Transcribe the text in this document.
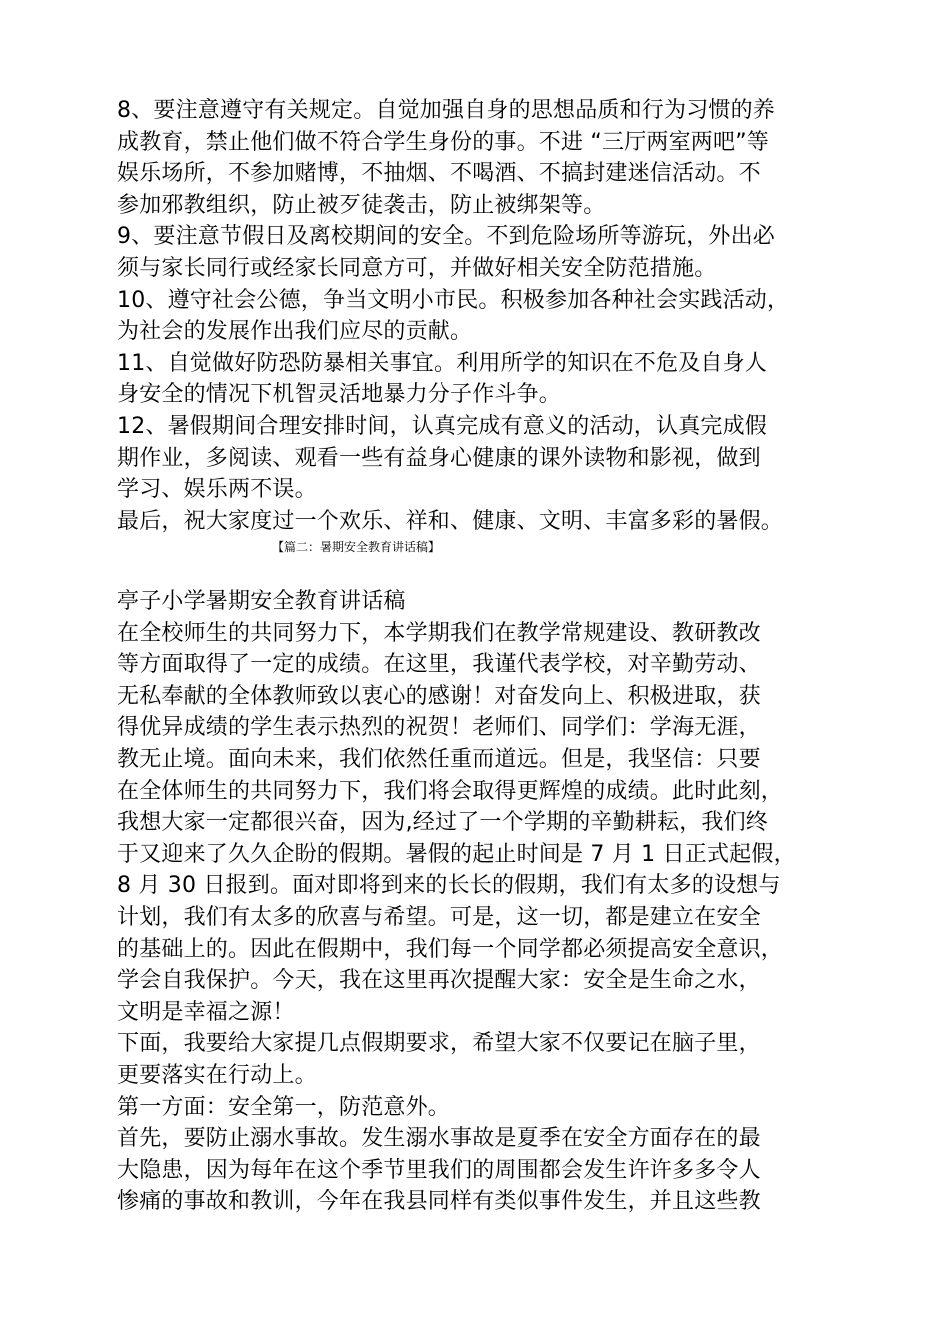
8、要注意遵守有关规定。自觉加强自身的思想品质和行为习惯的养
成教育，禁止他们做不符合学生身份的事。不进 “三厅两室两吧”等
娱乐场所，不参加赌博，不抽烟、不喝酒、不搞封建迷信活动。不
参加邪教组织，防止被歹徒袭击，防止被绑架等。
9、要注意节假日及离校期间的安全。不到危险场所等游玩，外出必
须与家长同行或经家长同意方可，并做好相关安全防范措施。
10、遵守社会公德，争当文明小市民。积极参加各种社会实践活动，
为社会的发展作出我们应尽的贡献。
11、自觉做好防恐防暴相关事宜。利用所学的知识在不危及自身人
身安全的情况下机智灵活地暴力分子作斗争。
12、暑假期间合理安排时间，认真完成有意义的活动，认真完成假
期作业，多阅读、观看一些有益身心健康的课外读物和影视，做到
学习、娱乐两不误。
最后，祝大家度过一个欢乐、祥和、健康、文明、丰富多彩的暑假。
【篇二：暑期安全教育讲话稿】
亭子小学暑期安全教育讲话稿
在全校师生的共同努力下，本学期我们在教学常规建设、教研教改
等方面取得了一定的成绩。在这里，我谨代表学校，对辛勤劳动、
无私奉献的全体教师致以衷心的感谢！对奋发向上、积极进取，获
得优异成绩的学生表示热烈的祝贺！老师们、同学们：学海无涯，
教无止境。面向未来，我们依然任重而道远。但是，我坚信：只要
在全体师生的共同努力下，我们将会取得更辉煌的成绩。此时此刻，
我想大家一定都很兴奋，因为,经过了一个学期的辛勤耕耘，我们终
于又迎来了久久企盼的假期。暑假的起止时间是 7 月 1 日正式起假，
8 月 30 日报到。面对即将到来的长长的假期，我们有太多的设想与
计划，我们有太多的欣喜与希望。可是，这一切，都是建立在安全
的基础上的。因此在假期中，我们每一个同学都必须提高安全意识，
学会自我保护。今天，我在这里再次提醒大家：安全是生命之水，
文明是幸福之源！
下面，我要给大家提几点假期要求，希望大家不仅要记在脑子里，
更要落实在行动上。
第一方面：安全第一，防范意外。
首先，要防止溺水事故。发生溺水事故是夏季在安全方面存在的最
大隐患，因为每年在这个季节里我们的周围都会发生许许多多令人
惨痛的事故和教训，今年在我县同样有类似事件发生，并且这些教
